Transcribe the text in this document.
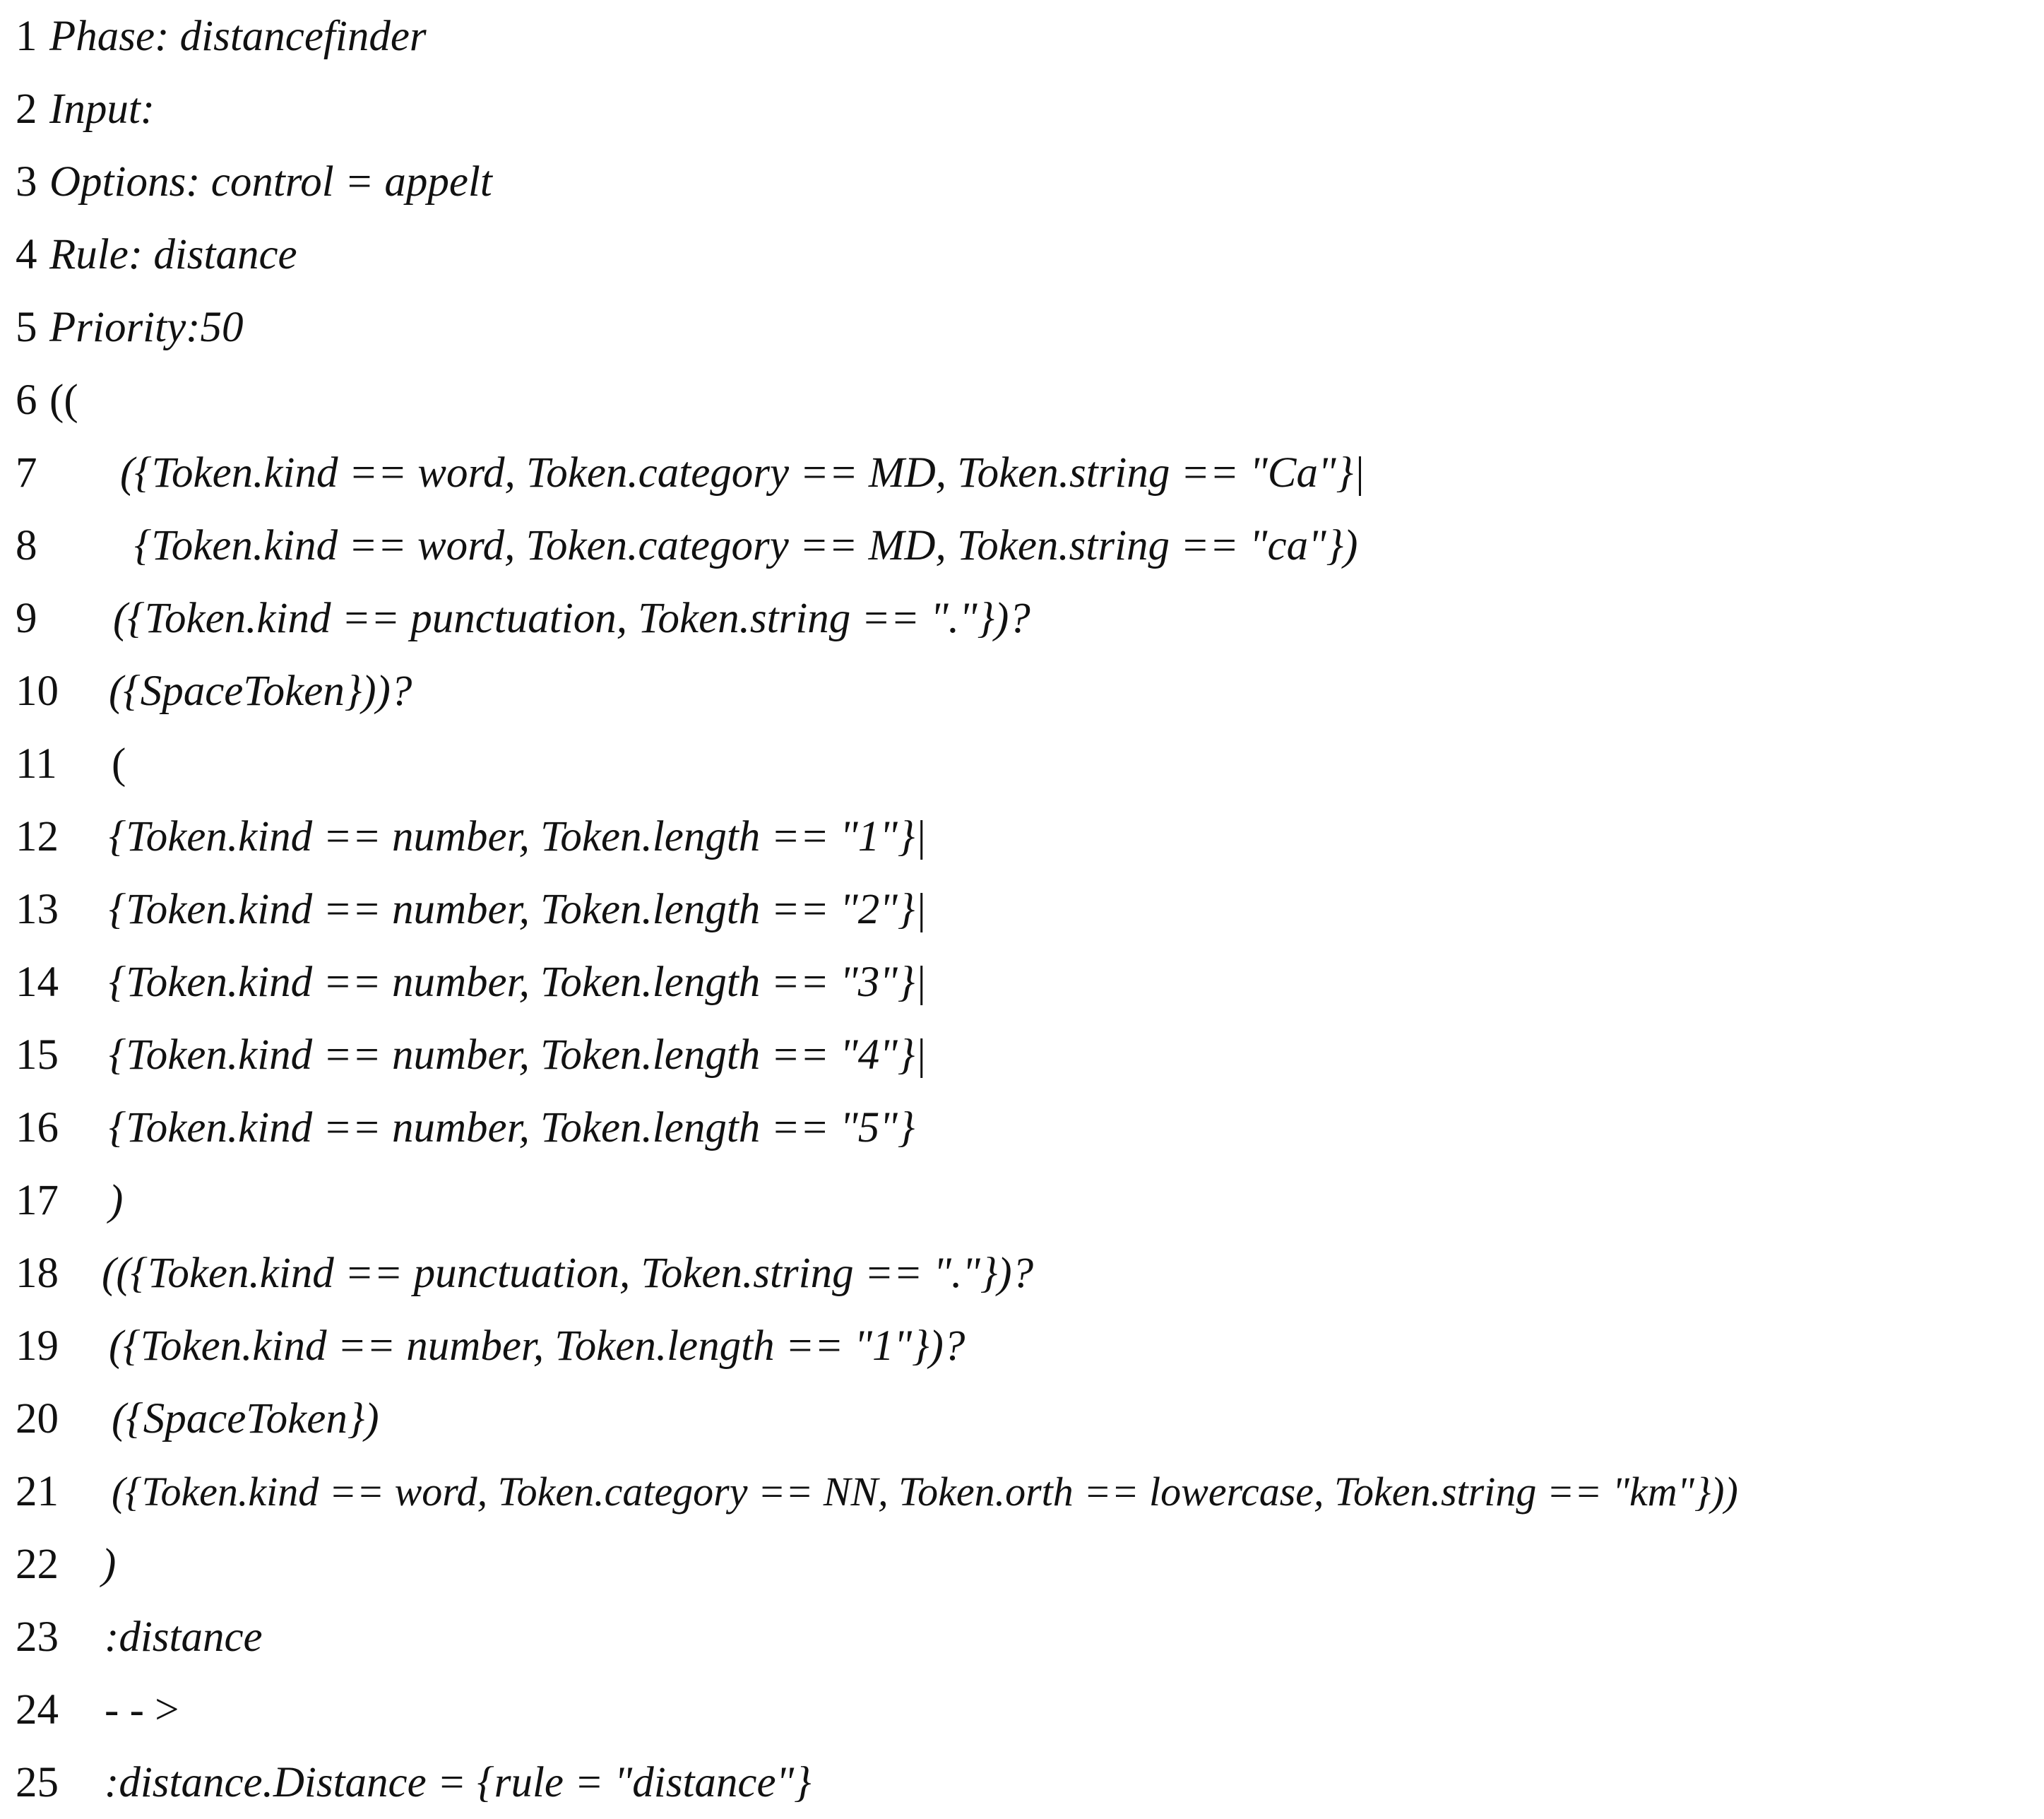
1 Phase: distancefinder
2 Input:
3 Options: control = appelt
4 Rule: distance
5 Priority:50
6 ((
7 ({Token.kind == word, Token.category == MD, Token.string == "Ca"}|
8 {Token.kind == word, Token.category == MD, Token.string == "ca"})
9 ({Token.kind == punctuation, Token.string == "."})?
10 ({SpaceToken}))?
11 (
12 {Token.kind == number, Token.length == "1"}|
13 {Token.kind == number, Token.length == "2"}|
14 {Token.kind == number, Token.length == "3"}|
15 {Token.kind == number, Token.length == "4"}|
16 {Token.kind == number, Token.length == "5"}
17 )
18 (({Token.kind == punctuation, Token.string == "."})?
19 ({Token.kind == number, Token.length == "1"})?
20 ({SpaceToken})
21 ({Token.kind == word, Token.category == NN, Token.orth == lowercase, Token.string == "km"}))
22 )
23 :distance
24 - - >
25 :distance.Distance = {rule = "distance"}
